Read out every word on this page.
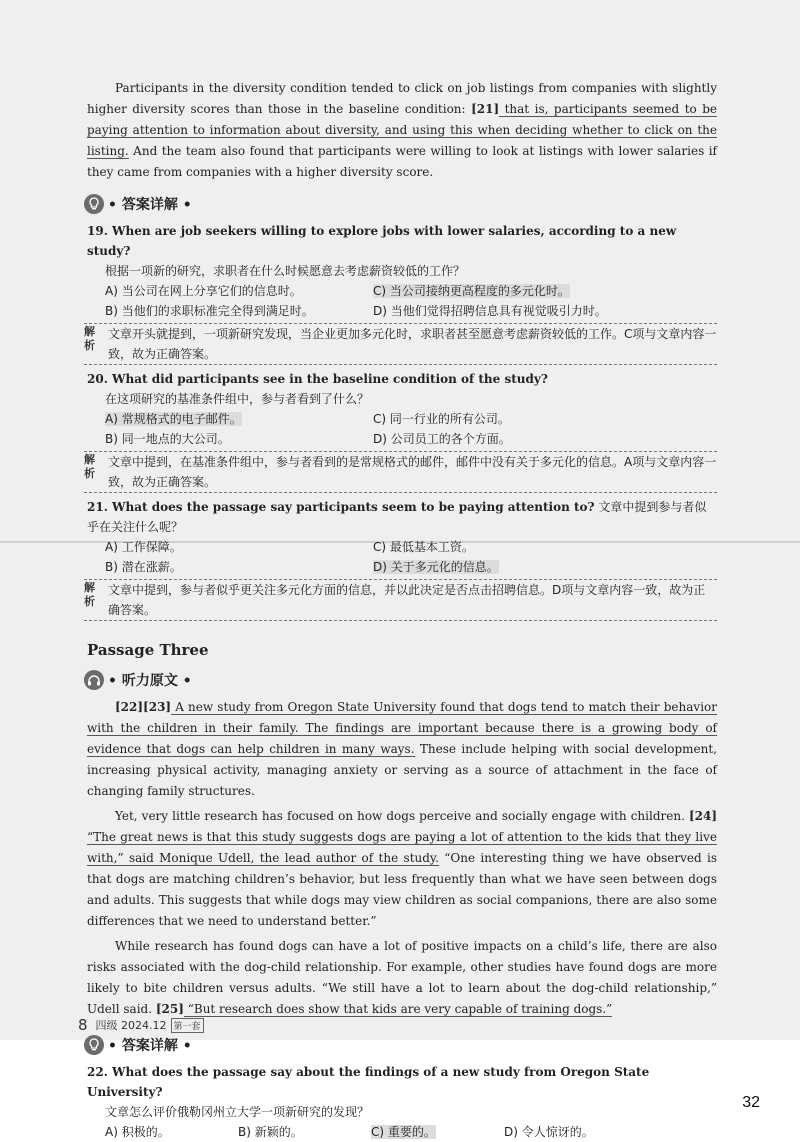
Participants in the diversity condition tended to click on job listings from companies with slightly higher diversity scores than those in the baseline condition: [21] that is, participants seemed to be paying attention to information about diversity, and using this when deciding whether to click on the listing. And the team also found that participants were willing to look at listings with lower salaries if they came from companies with a higher diversity score.

• 答案详解 •
19. When are job seekers willing to explore jobs with lower salaries, according to a new study?
根据一项新的研究，求职者在什么时候愿意去考虑薪资较低的工作？
A) 当公司在网上分享它们的信息时。	C) 当公司接纳更高程度的多元化时。
B) 当他们的求职标准完全得到满足时。	D) 当他们觉得招聘信息具有视觉吸引力时。
解析
文章开头就提到，一项新研究发现，当企业更加多元化时，求职者甚至愿意考虑薪资较低的工作。C项与文章内容一致，故为正确答案。
20. What did participants see in the baseline condition of the study?
在这项研究的基准条件组中，参与者看到了什么？
A) 常规格式的电子邮件。	C) 同一行业的所有公司。
B) 同一地点的大公司。	D) 公司员工的各个方面。
解析
文章中提到，在基准条件组中，参与者看到的是常规格式的邮件，邮件中没有关于多元化的信息。A项与文章内容一致，故为正确答案。
21. What does the passage say participants seem to be paying attention to? 文章中提到参与者似乎在关注什么呢？
A) 工作保障。	C) 最低基本工资。
B) 潜在涨薪。	D) 关于多元化的信息。
解析
文章中提到，参与者似乎更关注多元化方面的信息，并以此决定是否点击招聘信息。D项与文章内容一致，故为正确答案。
Passage Three
• 听力原文 •

[22][23] A new study from Oregon State University found that dogs tend to match their behavior with the children in their family. The findings are important because there is a growing body of evidence that dogs can help children in many ways. These include helping with social development, increasing physical activity, managing anxiety or serving as a source of attachment in the face of changing family structures.

Yet, very little research has focused on how dogs perceive and socially engage with children. [24] “The great news is that this study suggests dogs are paying a lot of attention to the kids that they live with,” said Monique Udell, the lead author of the study. “One interesting thing we have observed is that dogs are matching children’s behavior, but less frequently than what we have seen between dogs and adults. This suggests that while dogs may view children as social companions, there are also some differences that we need to understand better.”

While research has found dogs can have a lot of positive impacts on a child’s life, there are also risks associated with the dog-child relationship. For example, other studies have found dogs are more likely to bite children versus adults. “We still have a lot to learn about the dog-child relationship,” Udell said. [25] “But research does show that kids are very capable of training dogs.”

• 答案详解 •
22. What does the passage say about the findings of a new study from Oregon State University?
文章怎么评价俄勒冈州立大学一项新研究的发现？
A) 积极的。	B) 新颖的。	C) 重要的。	D) 令人惊讶的。
8 四级 2024.12 第一套
32
